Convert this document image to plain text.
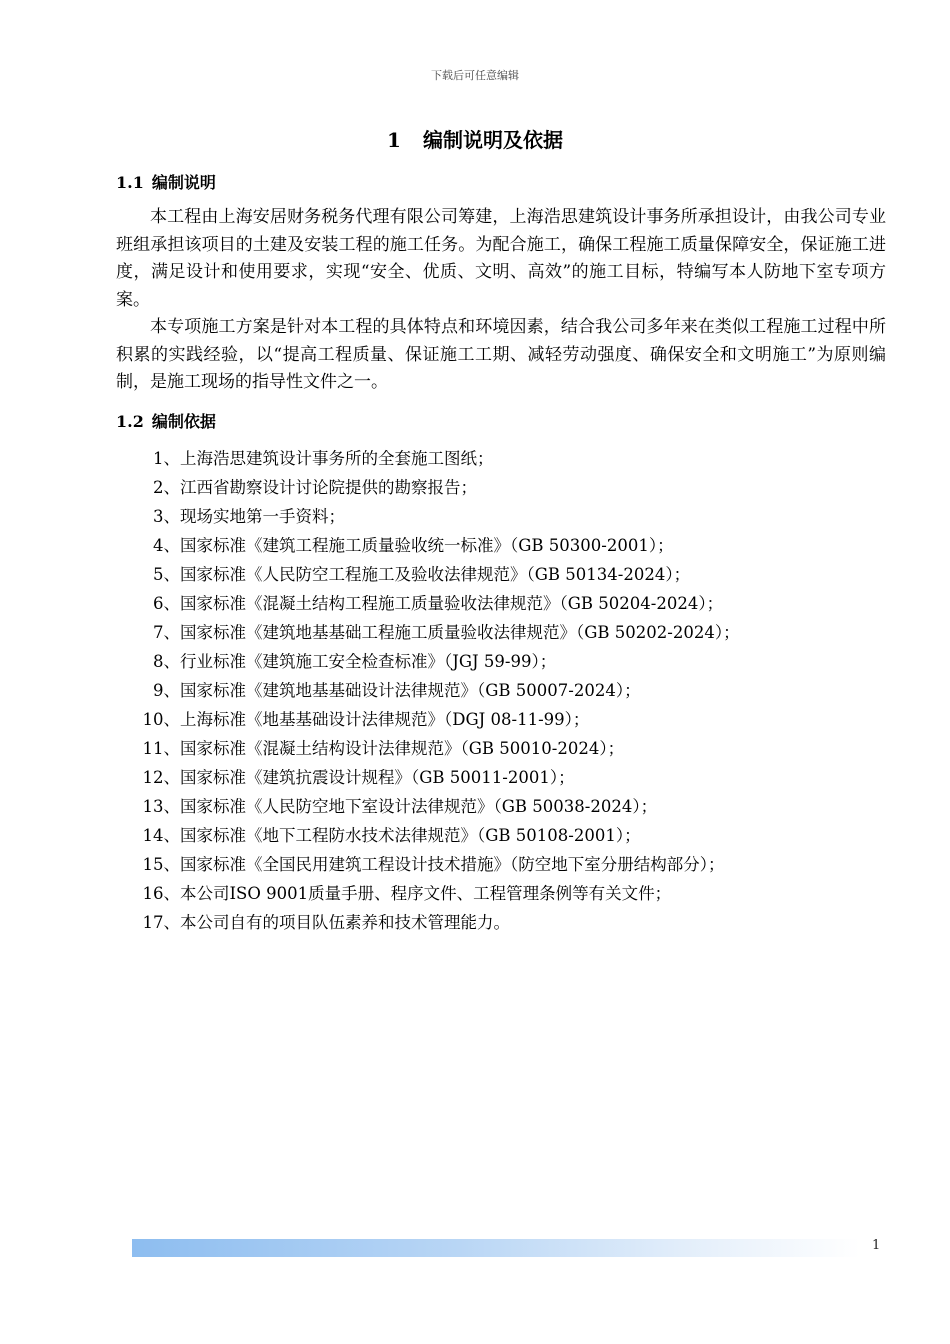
下载后可任意编辑
1 编制说明及依据
1.1 编制说明

本工程由上海安居财务税务代理有限公司筹建，上海浩思建筑设计事务所承担设计，由我公司专业班组承担该项目的土建及安装工程的施工任务。为配合施工，确保工程施工质量保障安全，保证施工进度，满足设计和使用要求，实现“安全、优质、文明、高效”的施工目标，特编写本人防地下室专项方案。

本专项施工方案是针对本工程的具体特点和环境因素，结合我公司多年来在类似工程施工过程中所积累的实践经验，以“提高工程质量、保证施工工期、减轻劳动强度、确保安全和文明施工”为原则编制，是施工现场的指导性文件之一。

1.2 编制依据
1、上海浩思建筑设计事务所的全套施工图纸；
2、江西省勘察设计讨论院提供的勘察报告；
3、现场实地第一手资料；
4、国家标准《建筑工程施工质量验收统一标准》（GB 50300-2001）；
5、国家标准《人民防空工程施工及验收法律规范》（GB 50134-2024）；
6、国家标准《混凝土结构工程施工质量验收法律规范》（GB 50204-2024）；
7、国家标准《建筑地基基础工程施工质量验收法律规范》（GB 50202-2024）；
8、行业标准《建筑施工安全检查标准》（JGJ 59-99）；
9、国家标准《建筑地基基础设计法律规范》（GB 50007-2024）；
10、上海标准《地基基础设计法律规范》（DGJ 08-11-99）；
11、国家标准《混凝土结构设计法律规范》（GB 50010-2024）；
12、国家标准《建筑抗震设计规程》（GB 50011-2001）；
13、国家标准《人民防空地下室设计法律规范》（GB 50038-2024）；
14、国家标准《地下工程防水技术法律规范》（GB 50108-2001）；
15、国家标准《全国民用建筑工程设计技术措施》（防空地下室分册结构部分）；
16、本公司ISO 9001质量手册、程序文件、工程管理条例等有关文件；
17、本公司自有的项目队伍素养和技术管理能力。
1
